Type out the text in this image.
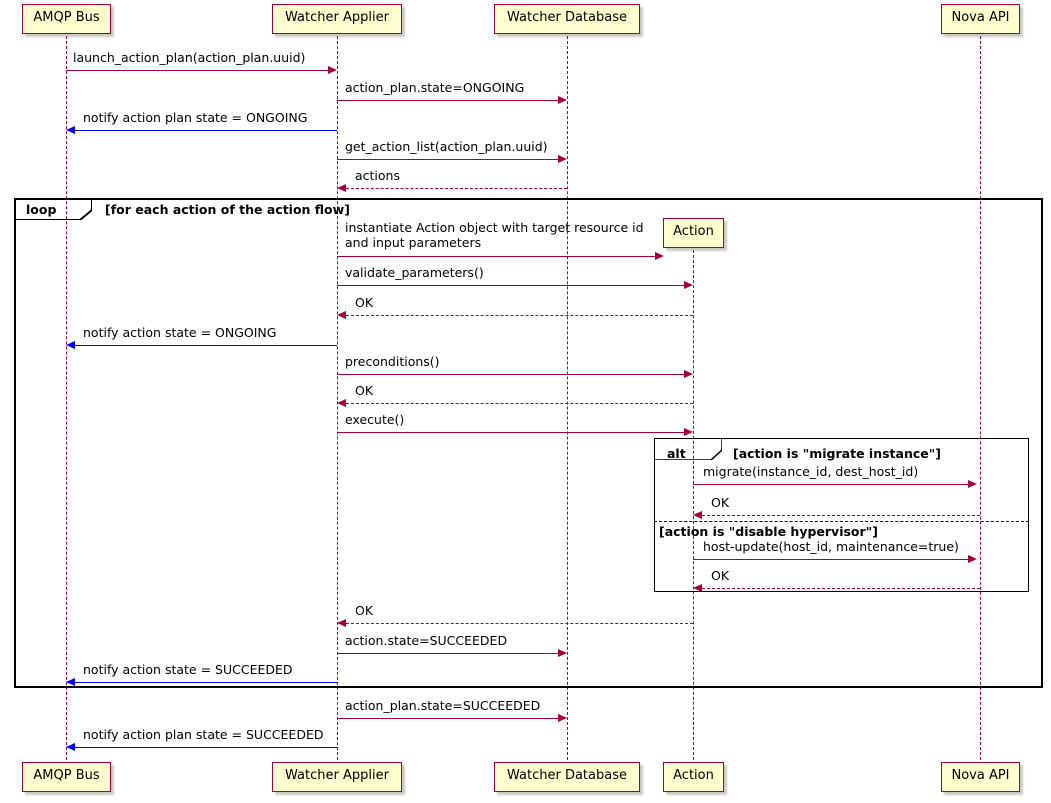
AMQP Bus	Watcher Applier	Watcher Database	Nova API
AMQP Bus	Watcher Applier	Watcher Database	Action	Nova API
launch_action_plan(action_plan.uuid)
action_plan.state=ONGOING
notify action plan state = ONGOING
get_action_list(action_plan.uuid)
actions
loop	[for each action of the action flow]
instantiate Action object with target resource id and input parameters
Action
validate_parameters()
OK
notify action state = ONGOING
preconditions()
OK
execute()
alt	[action is "migrate instance"]
migrate(instance_id, dest_host_id)
OK
[action is "disable hypervisor"]
host-update(host_id, maintenance=true)
OK
OK
action.state=SUCCEEDED
notify action state = SUCCEEDED
action_plan.state=SUCCEEDED
notify action plan state = SUCCEEDED
